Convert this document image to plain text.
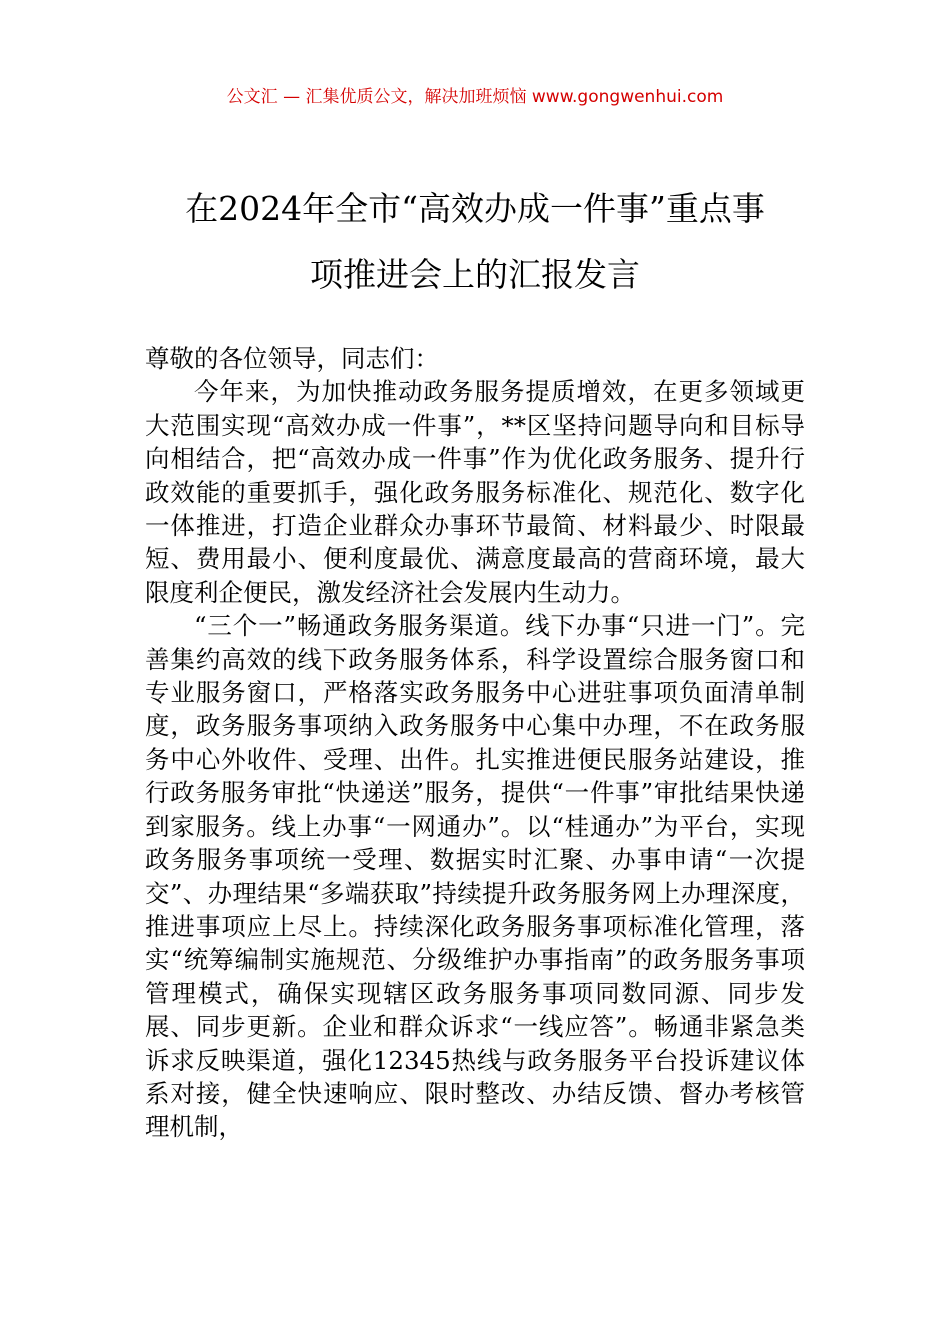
公文汇 — 汇集优质公文，解决加班烦恼 www.gongwenhui.com
在2024年全市“高效办成一件事”重点事
项推进会上的汇报发言

尊敬的各位领导，同志们：

今年来，为加快推动政务服务提质增效，在更多领域更大范围实现“高效办成一件事”，**区坚持问题导向和目标导向相结合，把“高效办成一件事”作为优化政务服务、提升行政效能的重要抓手，强化政务服务标准化、规范化、数字化一体推进，打造企业群众办事环节最简、材料最少、时限最短、费用最小、便利度最优、满意度最高的营商环境，最大限度利企便民，激发经济社会发展内生动力。

“三个一”畅通政务服务渠道。线下办事“只进一门”。完善集约高效的线下政务服务体系，科学设置综合服务窗口和专业服务窗口，严格落实政务服务中心进驻事项负面清单制度，政务服务事项纳入政务服务中心集中办理，不在政务服务中心外收件、受理、出件。扎实推进便民服务站建设，推行政务服务审批“快递送”服务，提供“一件事”审批结果快递到家服务。线上办事“一网通办”。以“桂通办”为平台，实现政务服务事项统一受理、数据实时汇聚、办事申请“一次提交”、办理结果“多端获取”持续提升政务服务网上办理深度，推进事项应上尽上。持续深化政务服务事项标准化管理，落实“统筹编制实施规范、分级维护办事指南”的政务服务事项管理模式，确保实现辖区政务服务事项同数同源、同步发展、同步更新。企业和群众诉求“一线应答”。畅通非紧急类诉求反映渠道，强化12345热线与政务服务平台投诉建议体系对接，健全快速响应、限时整改、办结反馈、督办考核管理机制，
